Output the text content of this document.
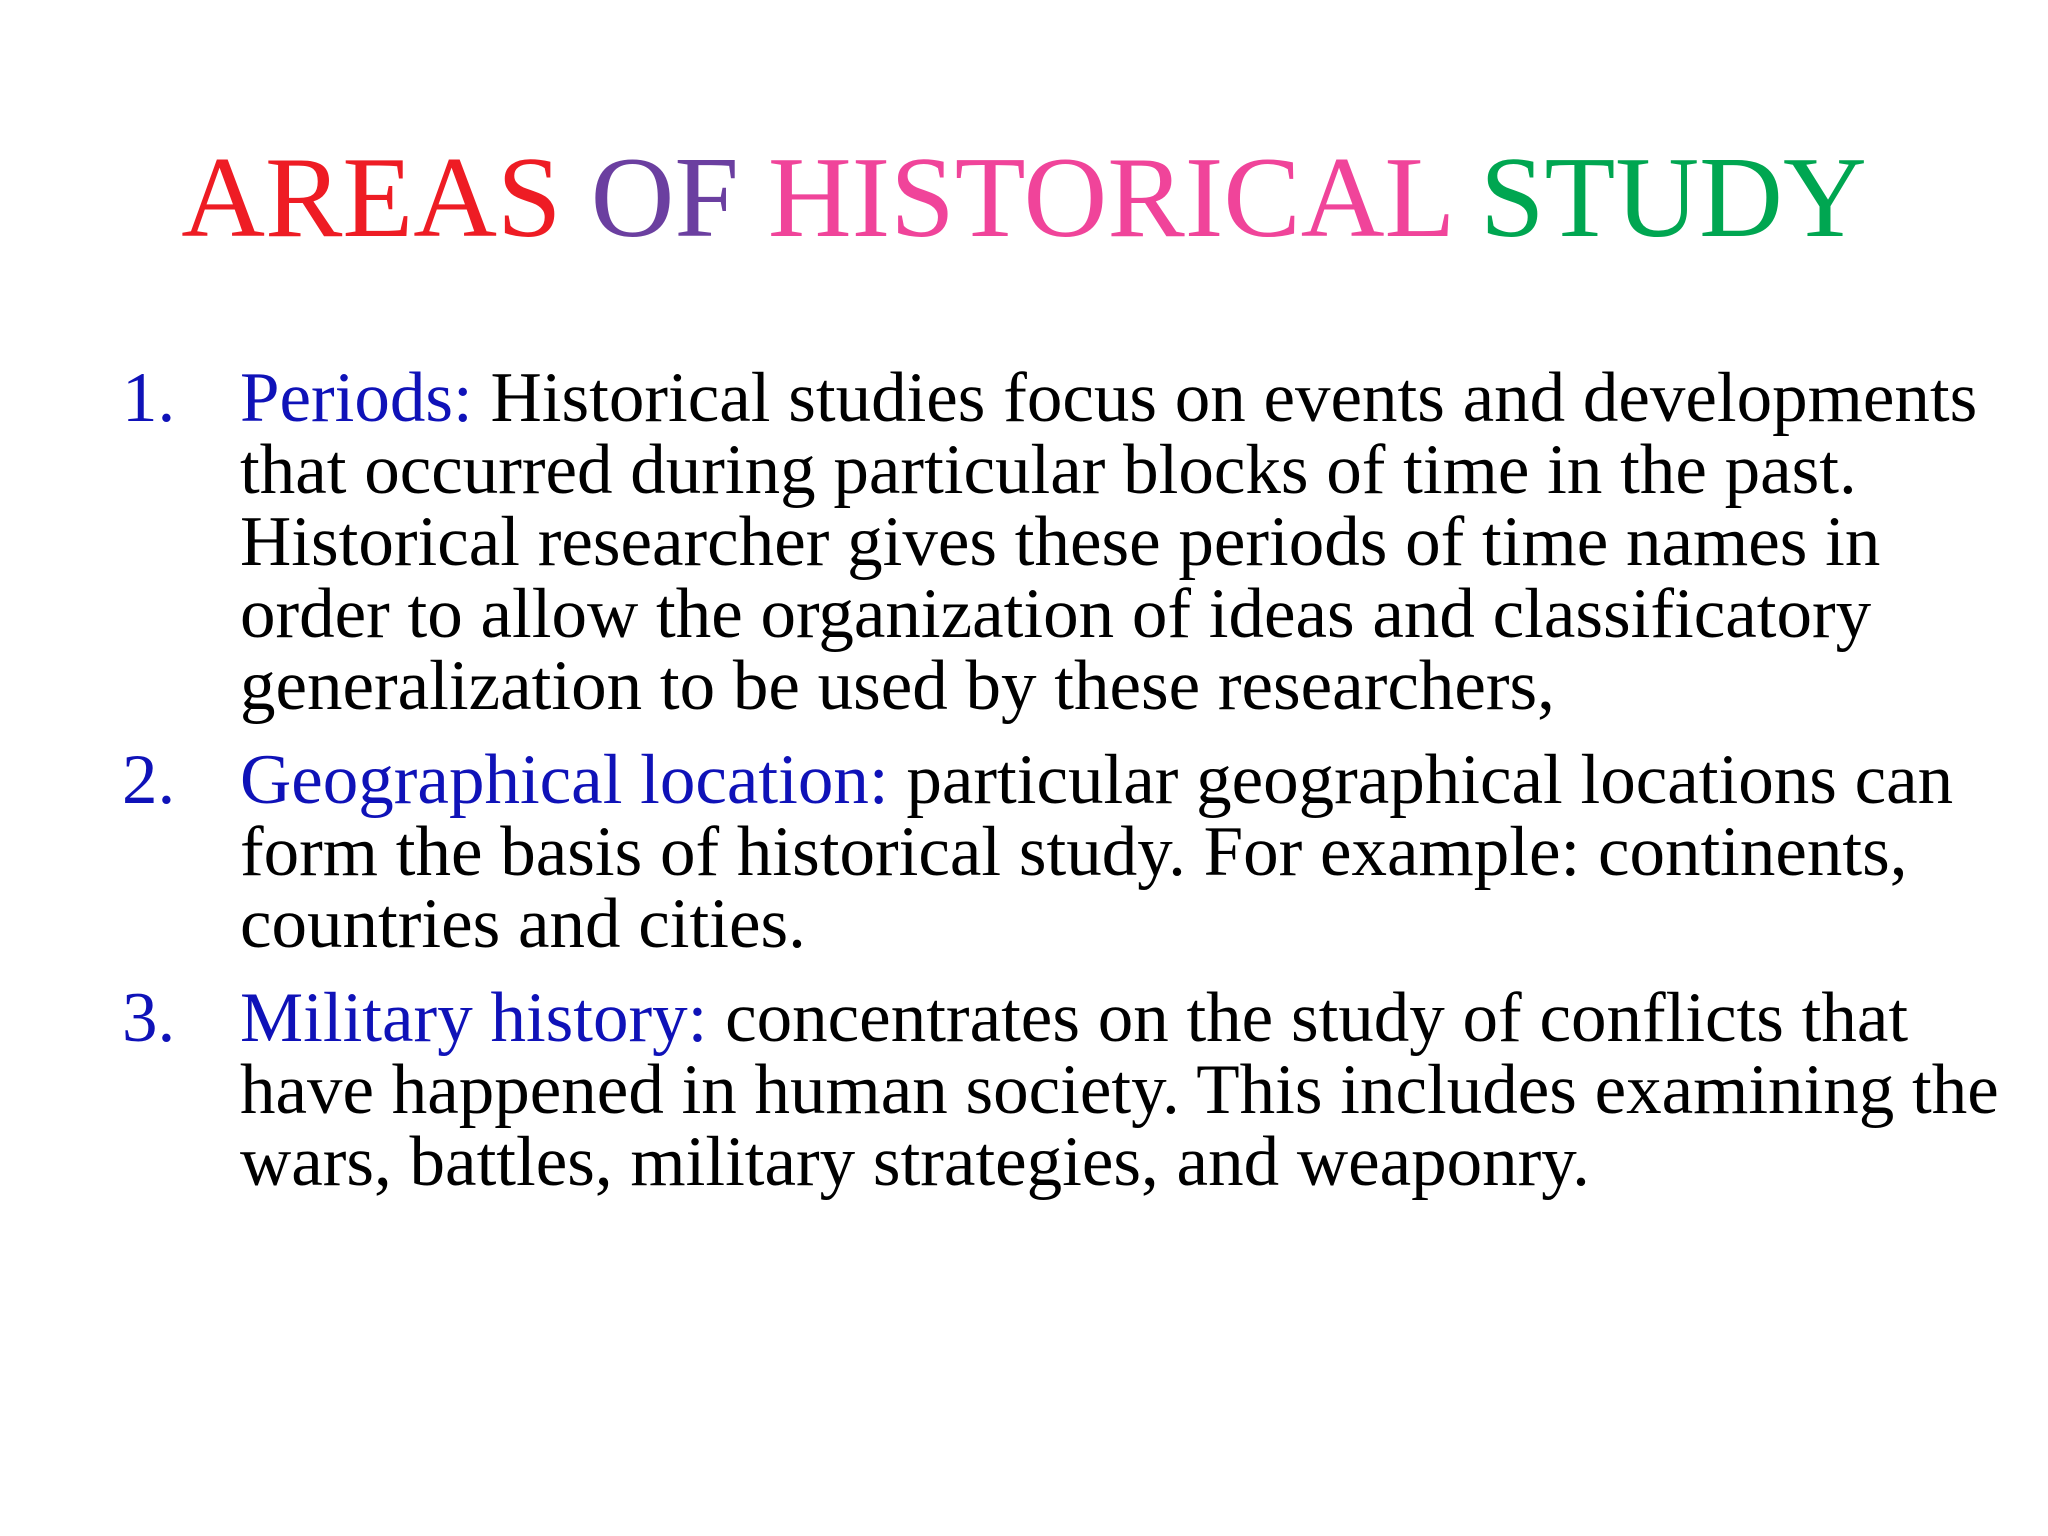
AREAS OF HISTORICAL STUDY
1. Periods: Historical studies focus on events and developments that occurred during particular blocks of time in the past. Historical researcher gives these periods of time names in order to allow the organization of ideas and classificatory generalization to be used by these researchers,
2. Geographical location: particular geographical locations can form the basis of historical study. For example: continents, countries and cities.
3. Military history: concentrates on the study of conflicts that have happened in human society. This includes examining the wars, battles, military strategies, and weaponry.
